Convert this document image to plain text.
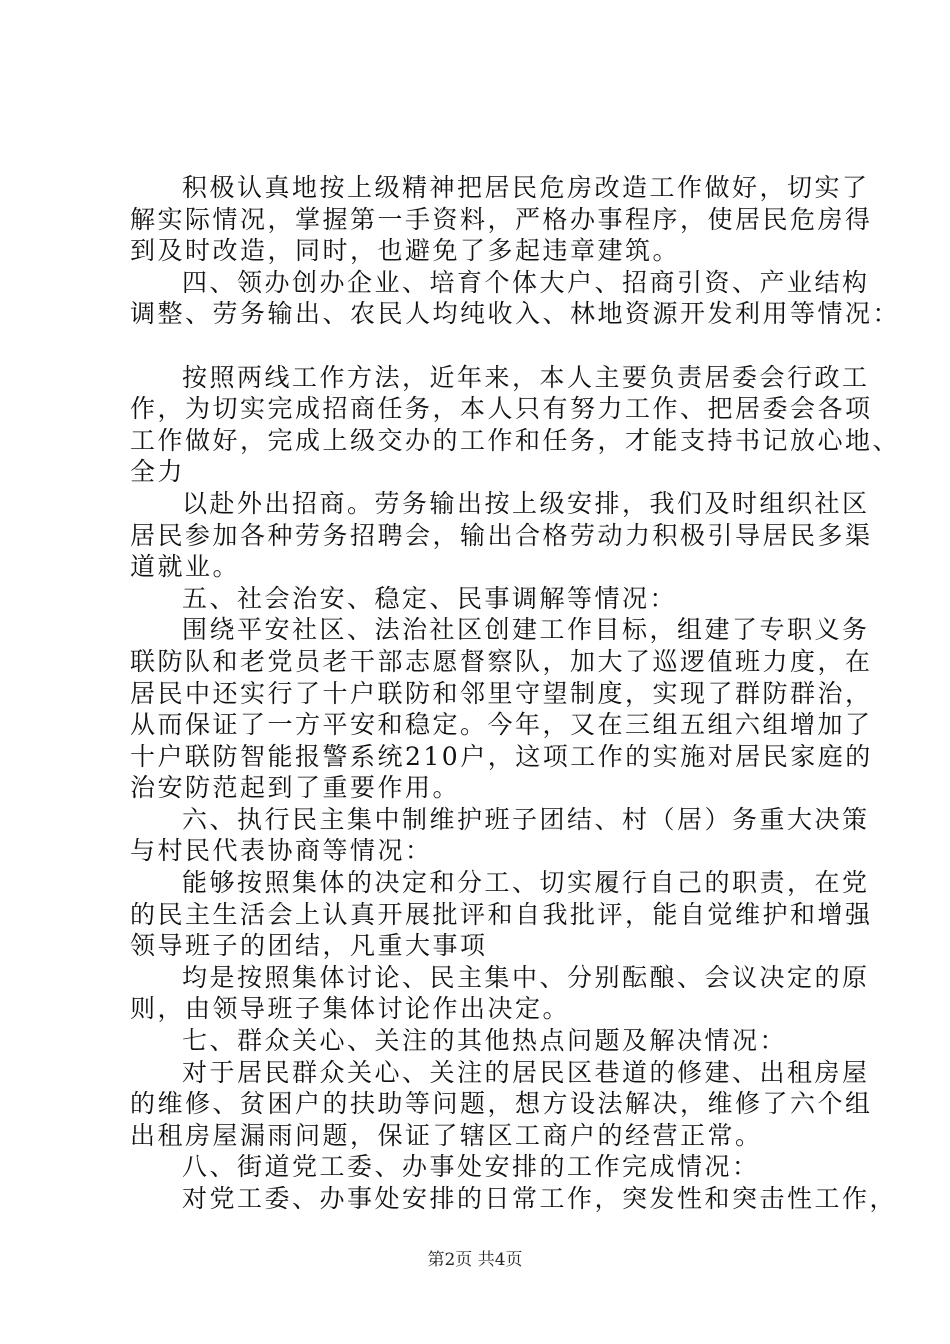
积极认真地按上级精神把居民危房改造工作做好，切实了
解实际情况，掌握第一手资料，严格办事程序，使居民危房得
到及时改造，同时，也避免了多起违章建筑。
四、领办创办企业、培育个体大户、招商引资、产业结构
调整、劳务输出、农民人均纯收入、林地资源开发利用等情况：
按照两线工作方法，近年来，本人主要负责居委会行政工
作，为切实完成招商任务，本人只有努力工作、把居委会各项
工作做好，完成上级交办的工作和任务，才能支持书记放心地、
全力
以赴外出招商。劳务输出按上级安排，我们及时组织社区
居民参加各种劳务招聘会，输出合格劳动力积极引导居民多渠
道就业。
五、社会治安、稳定、民事调解等情况：
围绕平安社区、法治社区创建工作目标，组建了专职义务
联防队和老党员老干部志愿督察队，加大了巡逻值班力度，在
居民中还实行了十户联防和邻里守望制度，实现了群防群治，
从而保证了一方平安和稳定。今年，又在三组五组六组增加了
十户联防智能报警系统210户，这项工作的实施对居民家庭的
治安防范起到了重要作用。
六、执行民主集中制维护班子团结、村（居）务重大决策
与村民代表协商等情况：
能够按照集体的决定和分工、切实履行自己的职责，在党
的民主生活会上认真开展批评和自我批评，能自觉维护和增强
领导班子的团结，凡重大事项
均是按照集体讨论、民主集中、分别酝酿、会议决定的原
则，由领导班子集体讨论作出决定。
七、群众关心、关注的其他热点问题及解决情况：
对于居民群众关心、关注的居民区巷道的修建、出租房屋
的维修、贫困户的扶助等问题，想方设法解决，维修了六个组
出租房屋漏雨问题，保证了辖区工商户的经营正常。
八、街道党工委、办事处安排的工作完成情况：
对党工委、办事处安排的日常工作，突发性和突击性工作，
第2页 共4页
